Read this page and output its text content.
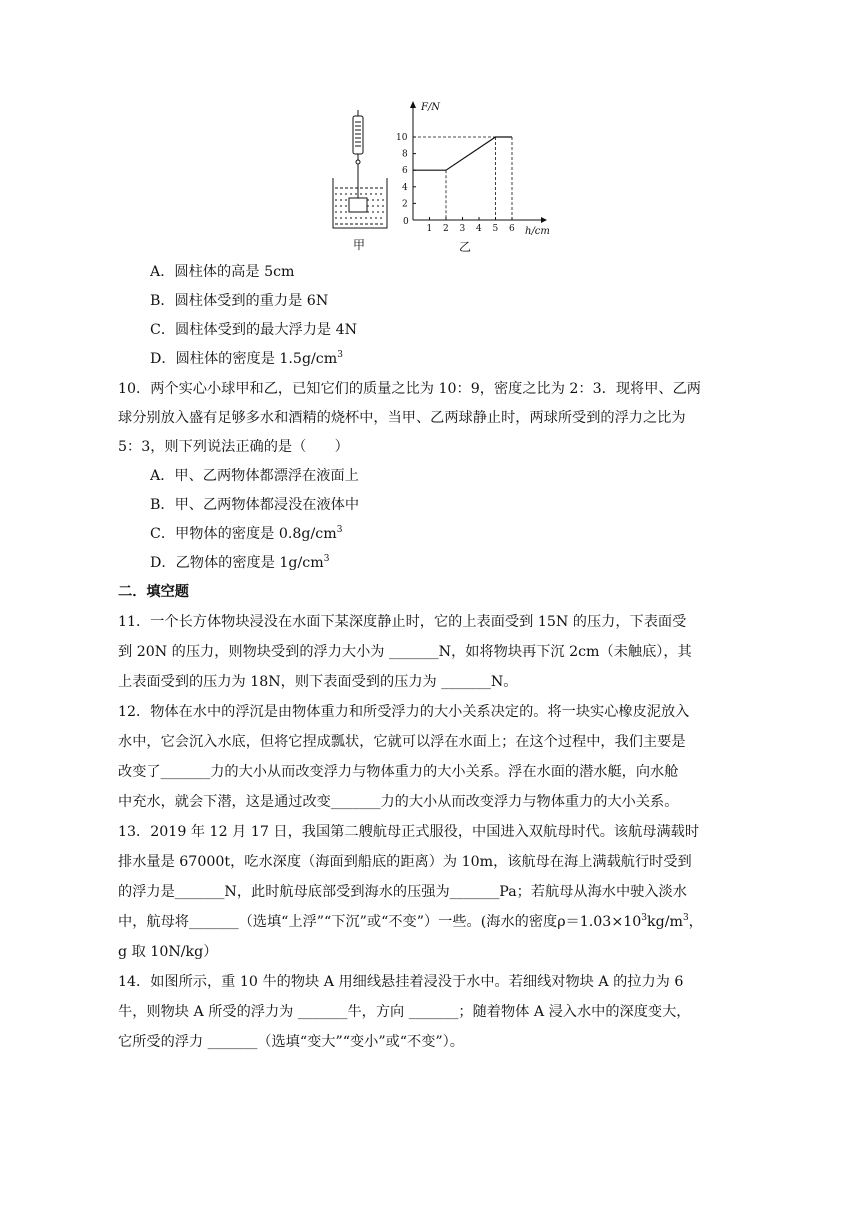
甲
F/N
h/cm
0
1 2 3 4 5 6
2
4
6
8
10
乙
A．圆柱体的高是 5cm
B．圆柱体受到的重力是 6N
C．圆柱体受到的最大浮力是 4N
D．圆柱体的密度是 $1.5g/cm^3$
10．两个实心小球甲和乙，已知它们的质量之比为 10：9，密度之比为 2：3．现将甲、乙两
球分别放入盛有足够多水和酒精的烧杯中，当甲、乙两球静止时，两球所受到的浮力之比为
5：3，则下列说法正确的是（　　）
A．甲、乙两物体都漂浮在液面上
B．甲、乙两物体都浸没在液体中
C．甲物体的密度是 $0.8g/cm^3$
D．乙物体的密度是 $1g/cm^3$
二．填空题
11．一个长方体物块浸没在水面下某深度静止时，它的上表面受到 15N 的压力，下表面受
到 20N 的压力，则物块受到的浮力大小为 _______N，如将物块再下沉 2cm（未触底），其
上表面受到的压力为 18N，则下表面受到的压力为 _______N。
12．物体在水中的浮沉是由物体重力和所受浮力的大小关系决定的。将一块实心橡皮泥放入
水中，它会沉入水底，但将它捏成瓢状，它就可以浮在水面上；在这个过程中，我们主要是
改变了_______力的大小从而改变浮力与物体重力的大小关系。浮在水面的潜水艇，向水舱
中充水，就会下潜，这是通过改变_______力的大小从而改变浮力与物体重力的大小关系。
13．2019 年 12 月 17 日，我国第二艘航母正式服役，中国进入双航母时代。该航母满载时
排水量是 67000t，吃水深度（海面到船底的距离）为 10m，该航母在海上满载航行时受到
的浮力是_______N，此时航母底部受到海水的压强为_______Pa；若航母从海水中驶入淡水
中，航母将_______（选填“上浮”“下沉”或“不变”）一些。(海水的密度$\rho=1.03\times 10^3kg/m^3$，
g 取 10N/kg）
14．如图所示，重 10 牛的物块 A 用细线悬挂着浸没于水中。若细线对物块 A 的拉力为 6
牛，则物块 A 所受的浮力为 _______牛，方向 _______；随着物体 A 浸入水中的深度变大，
它所受的浮力 _______（选填“变大”“变小”或“不变”）。
